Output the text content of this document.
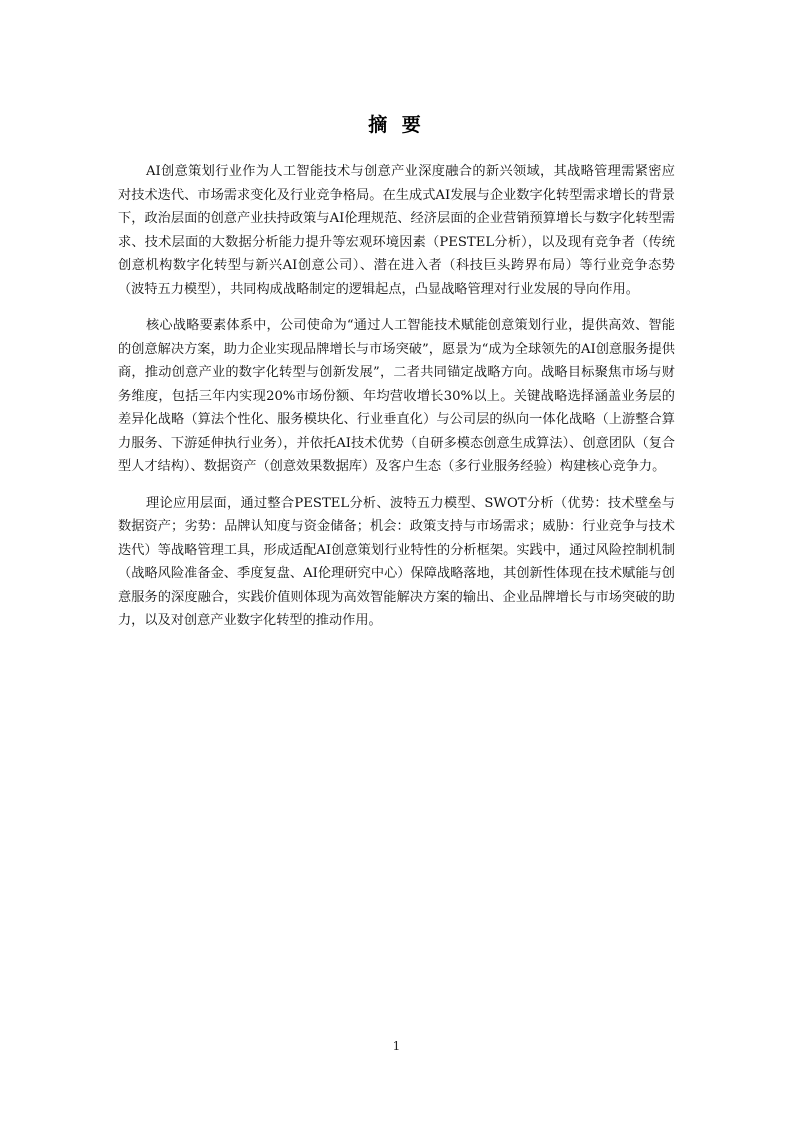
摘 要

AI创意策划行业作为人工智能技术与创意产业深度融合的新兴领域，其战略管理需紧密应对技术迭代、市场需求变化及行业竞争格局。在生成式AI发展与企业数字化转型需求增长的背景下，政治层面的创意产业扶持政策与AI伦理规范、经济层面的企业营销预算增长与数字化转型需求、技术层面的大数据分析能力提升等宏观环境因素（PESTEL分析），以及现有竞争者（传统创意机构数字化转型与新兴AI创意公司）、潜在进入者（科技巨头跨界布局）等行业竞争态势（波特五力模型），共同构成战略制定的逻辑起点，凸显战略管理对行业发展的导向作用。

核心战略要素体系中，公司使命为“通过人工智能技术赋能创意策划行业，提供高效、智能的创意解决方案，助力企业实现品牌增长与市场突破”，愿景为“成为全球领先的AI创意服务提供商，推动创意产业的数字化转型与创新发展”，二者共同锚定战略方向。战略目标聚焦市场与财务维度，包括三年内实现20%市场份额、年均营收增长30%以上。关键战略选择涵盖业务层的差异化战略（算法个性化、服务模块化、行业垂直化）与公司层的纵向一体化战略（上游整合算力服务、下游延伸执行业务），并依托AI技术优势（自研多模态创意生成算法）、创意团队（复合型人才结构）、数据资产（创意效果数据库）及客户生态（多行业服务经验）构建核心竞争力。

理论应用层面，通过整合PESTEL分析、波特五力模型、SWOT分析（优势：技术壁垒与数据资产；劣势：品牌认知度与资金储备；机会：政策支持与市场需求；威胁：行业竞争与技术迭代）等战略管理工具，形成适配AI创意策划行业特性的分析框架。实践中，通过风险控制机制（战略风险准备金、季度复盘、AI伦理研究中心）保障战略落地，其创新性体现在技术赋能与创意服务的深度融合，实践价值则体现为高效智能解决方案的输出、企业品牌增长与市场突破的助力，以及对创意产业数字化转型的推动作用。

1
